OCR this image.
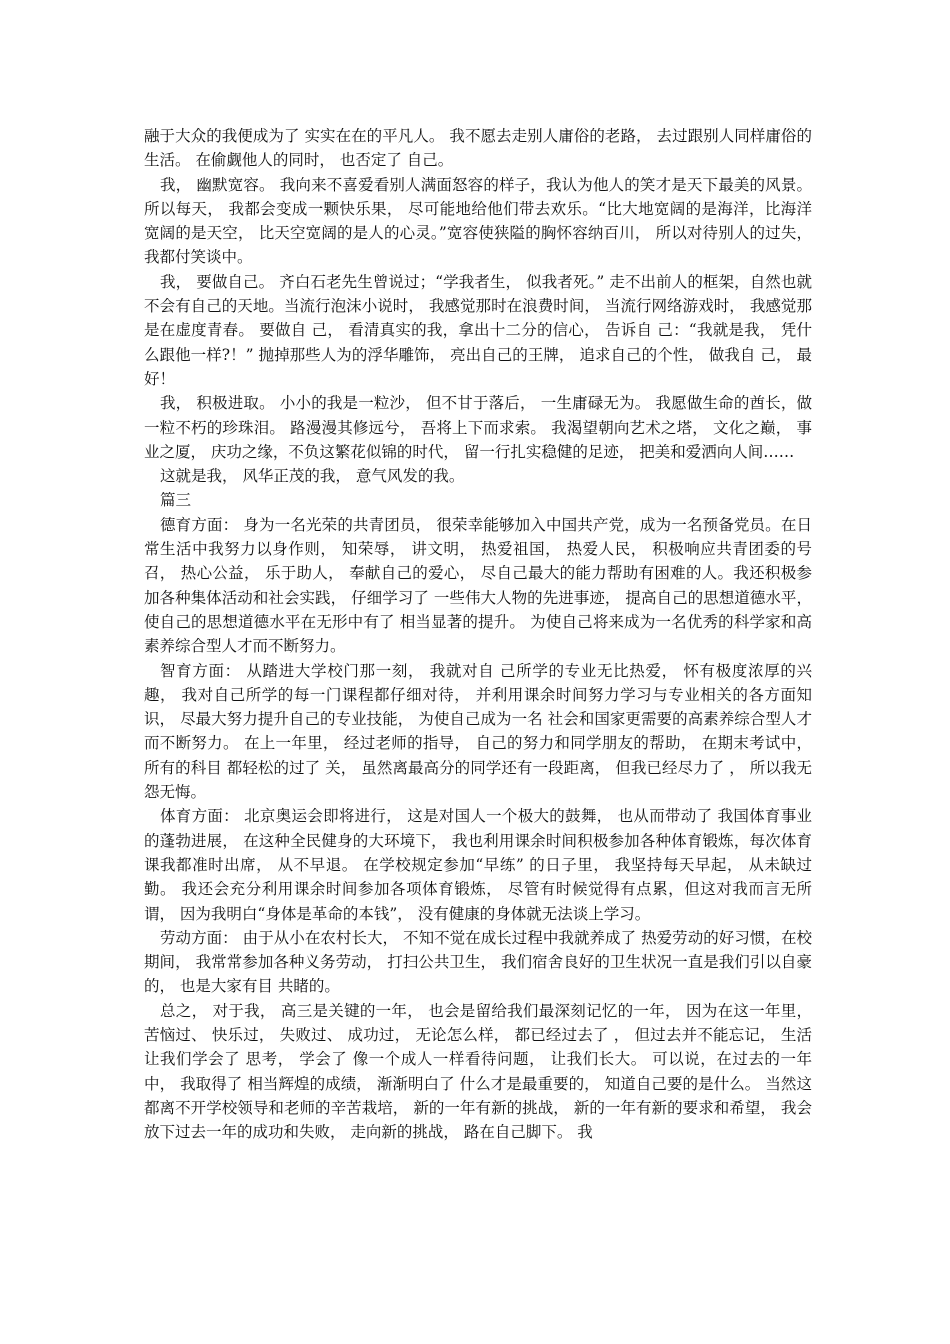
融于大众的我便成为了 实实在在的平凡人。 我不愿去走别人庸俗的老路， 去过跟别人同样庸俗的生活。 在偷觑他人的同时， 也否定了 自己。

我， 幽默宽容。 我向来不喜爱看别人满面怒容的样子，我认为他人的笑才是天下最美的风景。 所以每天， 我都会变成一颗快乐果， 尽可能地给他们带去欢乐。“比大地宽阔的是海洋，比海洋宽阔的是天空， 比天空宽阔的是人的心灵。”宽容使狭隘的胸怀容纳百川， 所以对待别人的过失， 我都付笑谈中。

我， 要做自己。 齐白石老先生曾说过；“学我者生， 似我者死。” 走不出前人的框架，自然也就不会有自己的天地。当流行泡沫小说时， 我感觉那时在浪费时间， 当流行网络游戏时， 我感觉那是在虚度青春。 要做自 己， 看清真实的我，拿出十二分的信心， 告诉自 己：“我就是我， 凭什么跟他一样?！” 抛掉那些人为的浮华雕饰， 亮出自己的王牌， 追求自己的个性， 做我自 己， 最好！

我， 积极进取。 小小的我是一粒沙， 但不甘于落后， 一生庸碌无为。 我愿做生命的酋长，做一粒不朽的珍珠泪。 路漫漫其修远兮， 吾将上下而求索。 我渴望朝向艺术之塔， 文化之巅， 事业之厦， 庆功之缘，不负这繁花似锦的时代， 留一行扎实稳健的足迹， 把美和爱洒向人间……

这就是我， 风华正茂的我， 意气风发的我。

篇三

德育方面： 身为一名光荣的共青团员， 很荣幸能够加入中国共产党，成为一名预备党员。在日常生活中我努力以身作则， 知荣辱， 讲文明， 热爱祖国， 热爱人民， 积极响应共青团委的号召， 热心公益， 乐于助人， 奉献自己的爱心， 尽自己最大的能力帮助有困难的人。我还积极参加各种集体活动和社会实践， 仔细学习了 一些伟大人物的先进事迹， 提高自己的思想道德水平， 使自己的思想道德水平在无形中有了 相当显著的提升。 为使自己将来成为一名优秀的科学家和高素养综合型人才而不断努力。

智育方面： 从踏进大学校门那一刻， 我就对自 己所学的专业无比热爱， 怀有极度浓厚的兴趣， 我对自己所学的每一门课程都仔细对待， 并利用课余时间努力学习与专业相关的各方面知识， 尽最大努力提升自己的专业技能， 为使自己成为一名 社会和国家更需要的高素养综合型人才而不断努力。 在上一年里， 经过老师的指导， 自己的努力和同学朋友的帮助， 在期末考试中， 所有的科目 都轻松的过了 关， 虽然离最高分的同学还有一段距离， 但我已经尽力了 ， 所以我无怨无悔。

体育方面： 北京奥运会即将进行， 这是对国人一个极大的鼓舞， 也从而带动了 我国体育事业的蓬勃进展， 在这种全民健身的大环境下， 我也利用课余时间积极参加各种体育锻炼，每次体育课我都准时出席， 从不早退。 在学校规定参加“早练” 的日子里， 我坚持每天早起， 从未缺过勤。 我还会充分利用课余时间参加各项体育锻炼， 尽管有时候觉得有点累，但这对我而言无所谓， 因为我明白“身体是革命的本钱”， 没有健康的身体就无法谈上学习。

劳动方面： 由于从小在农村长大， 不知不觉在成长过程中我就养成了 热爱劳动的好习惯，在校期间， 我常常参加各种义务劳动， 打扫公共卫生， 我们宿舍良好的卫生状况一直是我们引以自豪的， 也是大家有目 共睹的。

总之， 对于我， 高三是关键的一年， 也会是留给我们最深刻记忆的一年， 因为在这一年里， 苦恼过、 快乐过， 失败过、 成功过， 无论怎么样， 都已经过去了 ， 但过去并不能忘记， 生活让我们学会了 思考， 学会了 像一个成人一样看待问题， 让我们长大。 可以说，在过去的一年中， 我取得了 相当辉煌的成绩， 渐渐明白了 什么才是最重要的， 知道自己要的是什么。 当然这都离不开学校领导和老师的辛苦栽培， 新的一年有新的挑战， 新的一年有新的要求和希望， 我会放下过去一年的成功和失败， 走向新的挑战， 路在自己脚下。 我
